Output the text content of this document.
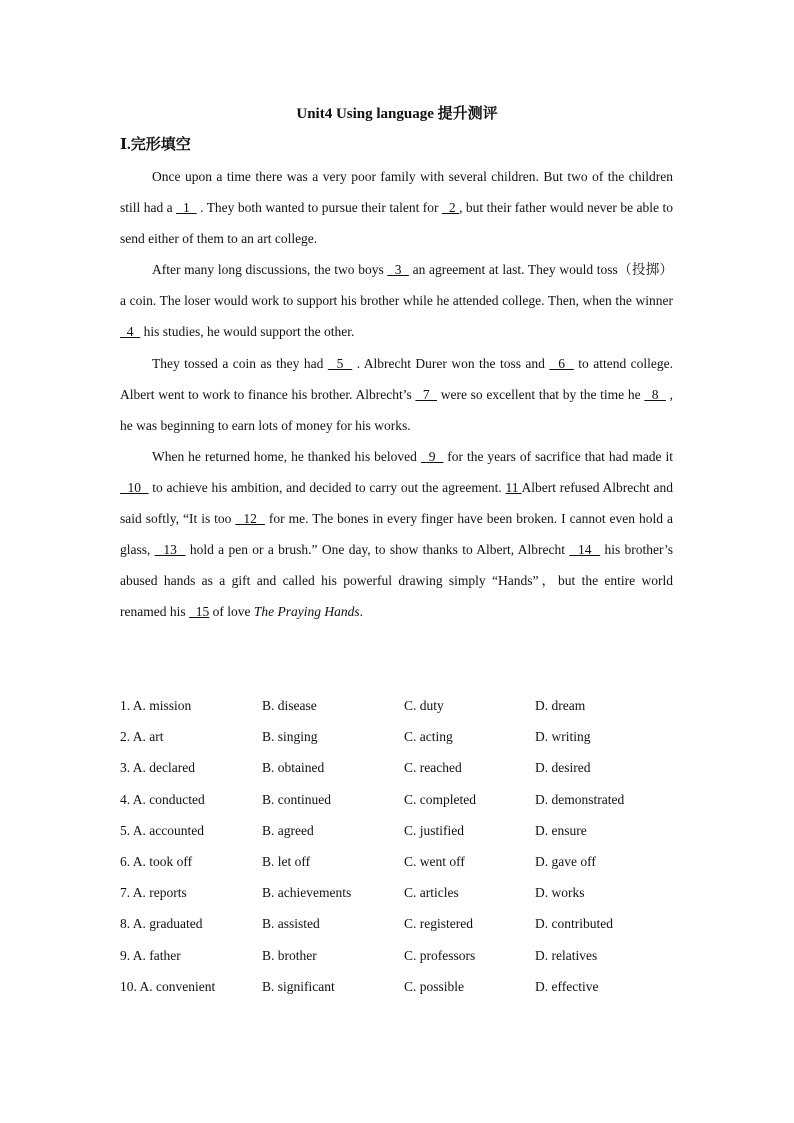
Unit4 Using language 提升测评
Ⅰ.完形填空

Once upon a time there was a very poor family with several children. But two of the children still had a   1   . They both wanted to pursue their talent for   2 , but their father would never be able to send either of them to an art college.

After many long discussions, the two boys   3   an agreement at last. They would toss（投掷） a coin. The loser would work to support his brother while he attended college. Then, when the winner   4   his studies, he would support the other.

They tossed a coin as they had   5   . Albrecht Durer won the toss and   6   to attend college. Albert went to work to finance his brother. Albrecht’s   7   were so excellent that by the time he   8   , he was beginning to earn lots of money for his works.

When he returned home, he thanked his beloved   9   for the years of sacrifice that had made it   10   to achieve his ambition, and decided to carry out the agreement. 11 Albert refused Albrecht and said softly, “It is too   12   for me. The bones in every finger have been broken. I cannot even hold a glass,   13   hold a pen or a brush.” One day, to show thanks to Albert, Albrecht   14   his brother’s abused hands as a gift and called his powerful drawing simply “Hands”，but the entire world renamed his   15 of love The Praying Hands.

1. A. mission	B. disease	C. duty	D. dream
2. A. art	B. singing	C. acting	D. writing
3. A. declared	B. obtained	C. reached	D. desired
4. A. conducted	B. continued	C. completed	D. demonstrated
5. A. accounted	B. agreed	C. justified	D. ensure
6. A. took off	B. let off	C. went off	D. gave off
7. A. reports	B. achievements	C. articles	D. works
8. A. graduated	B. assisted	C. registered	D. contributed
9. A. father	B. brother	C. professors	D. relatives
10. A. convenient	B. significant	C. possible	D. effective
